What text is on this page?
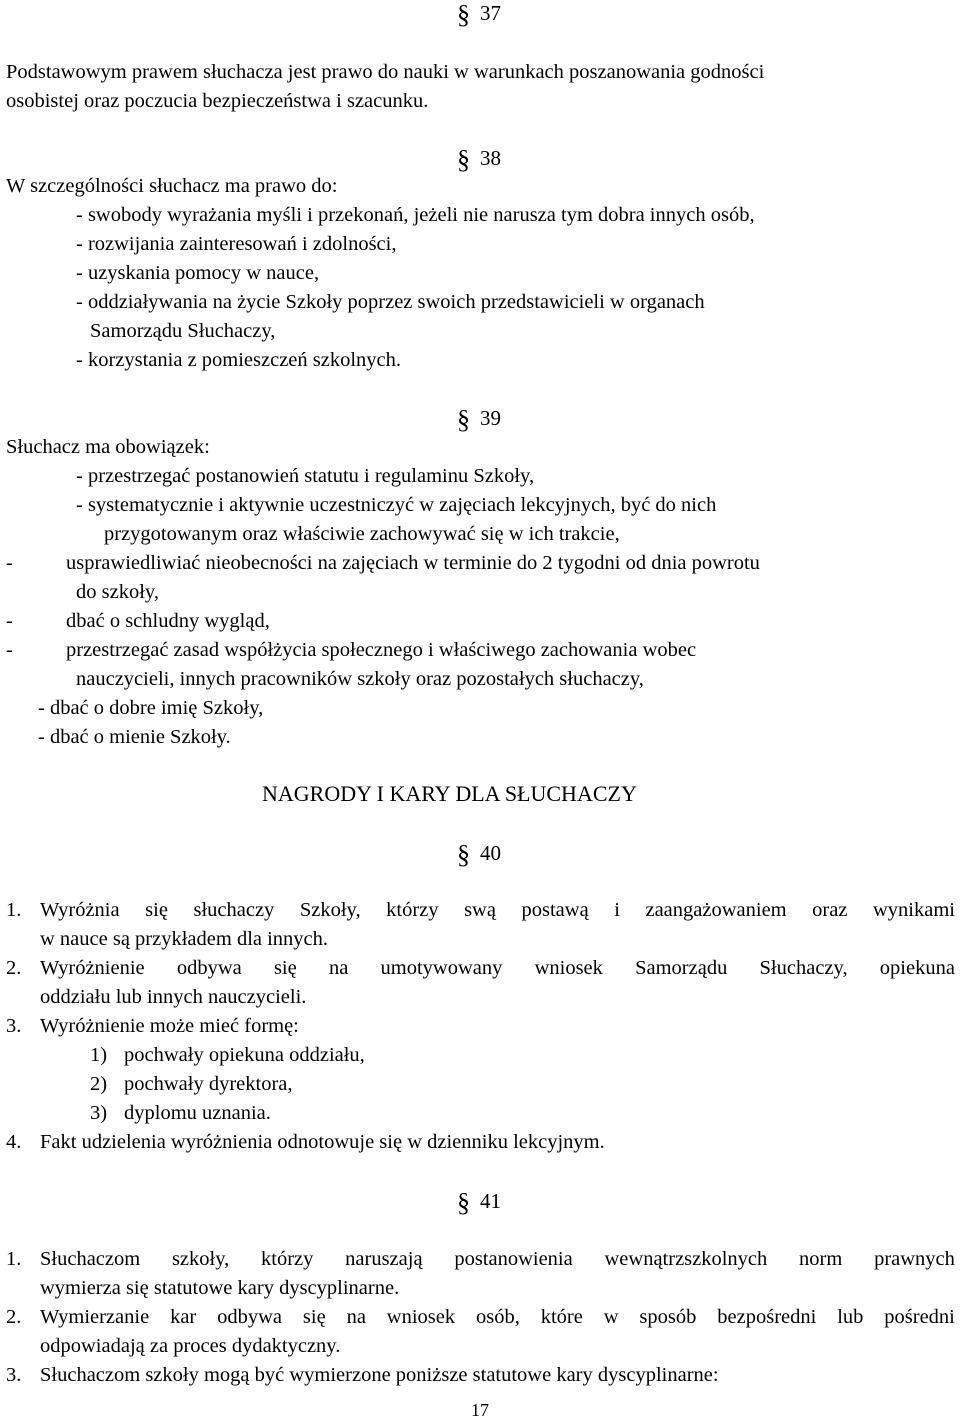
§ 37
Podstawowym prawem słuchacza jest prawo do nauki w warunkach poszanowania godności
osobistej oraz poczucia bezpieczeństwa i szacunku.
§ 38
W szczególności słuchacz ma prawo do:
- swobody wyrażania myśli i przekonań, jeżeli nie narusza tym dobra innych osób,
- rozwijania zainteresowań i zdolności,
- uzyskania pomocy w nauce,
- oddziaływania na życie Szkoły poprzez swoich przedstawicieli w organach
Samorządu Słuchaczy,
- korzystania z pomieszczeń szkolnych.
§ 39
Słuchacz ma obowiązek:
- przestrzegać postanowień statutu i regulaminu Szkoły,
- systematycznie i aktywnie uczestniczyć w zajęciach lekcyjnych, być do nich
przygotowanym oraz właściwie zachowywać się w ich trakcie,
-	usprawiedliwiać nieobecności na zajęciach w terminie do 2 tygodni od dnia powrotu
do szkoły,
-	dbać o schludny wygląd,
-	przestrzegać zasad współżycia społecznego i właściwego zachowania wobec
nauczycieli, innych pracowników szkoły oraz pozostałych słuchaczy,
- dbać o dobre imię Szkoły,
- dbać o mienie Szkoły.
NAGRODY I KARY DLA SŁUCHACZY
§ 40
1. Wyróżnia się słuchaczy Szkoły, którzy swą postawą i zaangażowaniem oraz wynikami
w nauce są przykładem dla innych.
2. Wyróżnienie odbywa się na umotywowany wniosek Samorządu Słuchaczy, opiekuna
oddziału lub innych nauczycieli.
3. Wyróżnienie może mieć formę:
1) pochwały opiekuna oddziału,
2) pochwały dyrektora,
3) dyplomu uznania.
4. Fakt udzielenia wyróżnienia odnotowuje się w dzienniku lekcyjnym.
§ 41
1. Słuchaczom szkoły, którzy naruszają postanowienia wewnątrzszkolnych norm prawnych
wymierza się statutowe kary dyscyplinarne.
2. Wymierzanie kar odbywa się na wniosek osób, które w sposób bezpośredni lub pośredni
odpowiadają za proces dydaktyczny.
3. Słuchaczom szkoły mogą być wymierzone poniższe statutowe kary dyscyplinarne:
17
